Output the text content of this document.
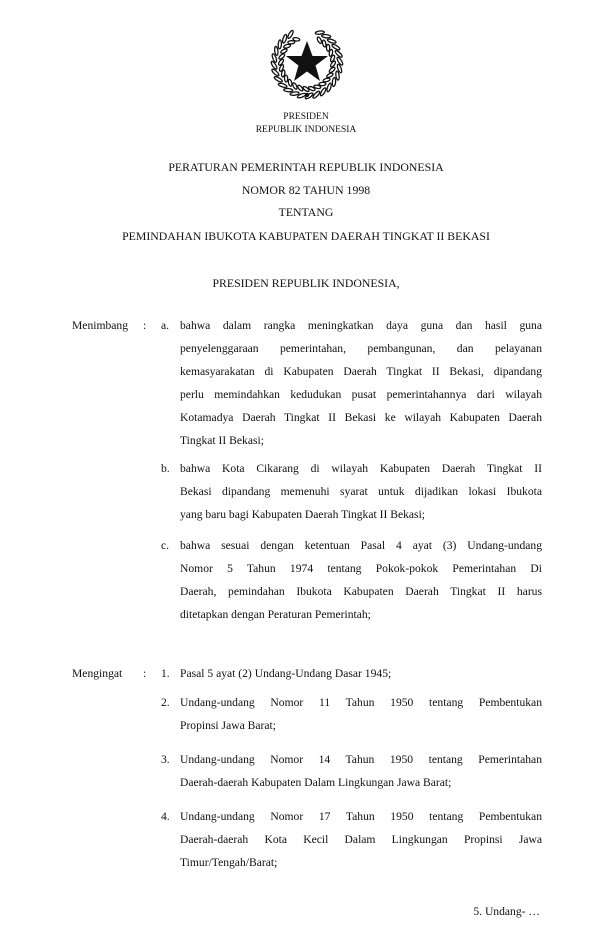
PRESIDEN
REPUBLIK INDONESIA
PERATURAN PEMERINTAH REPUBLIK INDONESIA
NOMOR 82 TAHUN 1998
TENTANG
PEMINDAHAN IBUKOTA KABUPATEN DAERAH TINGKAT II BEKASI
PRESIDEN REPUBLIK INDONESIA,
Menimbang : a. bahwa dalam rangka meningkatkan daya guna dan hasil guna
penyelenggaraan pemerintahan, pembangunan, dan pelayanan
kemasyarakatan di Kabupaten Daerah Tingkat II Bekasi, dipandang
perlu memindahkan kedudukan pusat pemerintahannya dari wilayah
Kotamadya Daerah Tingkat II Bekasi ke wilayah Kabupaten Daerah
Tingkat II Bekasi;
b. bahwa Kota Cikarang di wilayah Kabupaten Daerah Tingkat II
Bekasi dipandang memenuhi syarat untuk dijadikan lokasi Ibukota
yang baru bagi Kabupaten Daerah Tingkat II Bekasi;
c. bahwa sesuai dengan ketentuan Pasal 4 ayat (3) Undang-undang
Nomor 5 Tahun 1974 tentang Pokok-pokok Pemerintahan Di
Daerah, pemindahan Ibukota Kabupaten Daerah Tingkat II harus
ditetapkan dengan Peraturan Pemerintah;
Mengingat : 1. Pasal 5 ayat (2) Undang-Undang Dasar 1945;
2. Undang-undang Nomor 11 Tahun 1950 tentang Pembentukan
Propinsi Jawa Barat;
3. Undang-undang Nomor 14 Tahun 1950 tentang Pemerintahan
Daerah-daerah Kabupaten Dalam Lingkungan Jawa Barat;
4. Undang-undang Nomor 17 Tahun 1950 tentang Pembentukan
Daerah-daerah Kota Kecil Dalam Lingkungan Propinsi Jawa
Timur/Tengah/Barat;
5. Undang- …
